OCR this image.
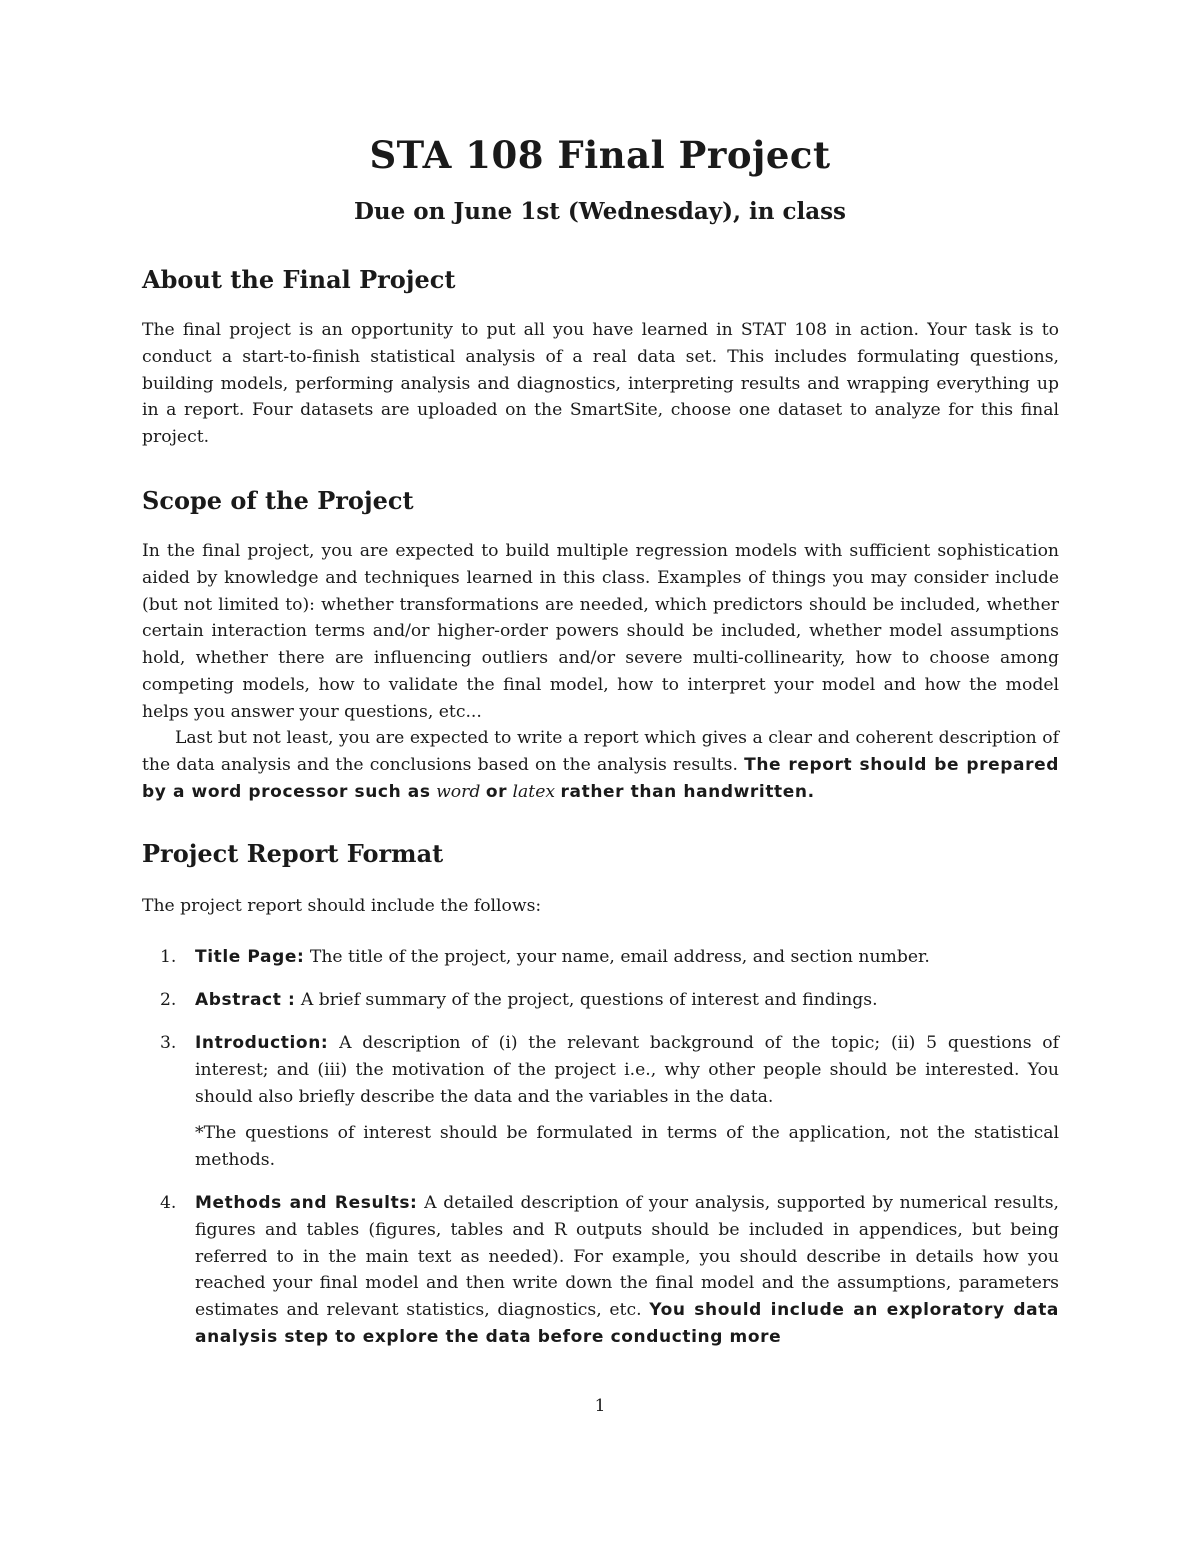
STA 108 Final Project
Due on June 1st (Wednesday), in class
About the Final Project

The final project is an opportunity to put all you have learned in STAT 108 in action. Your task is to conduct a start-to-finish statistical analysis of a real data set. This includes formulating questions, building models, performing analysis and diagnostics, interpreting results and wrapping everything up in a report. Four datasets are uploaded on the SmartSite, choose one dataset to analyze for this final project.

Scope of the Project

In the final project, you are expected to build multiple regression models with sufficient sophistication aided by knowledge and techniques learned in this class. Examples of things you may consider include (but not limited to): whether transformations are needed, which predictors should be included, whether certain interaction terms and/or higher-order powers should be included, whether model assumptions hold, whether there are influencing outliers and/or severe multi-collinearity, how to choose among competing models, how to validate the final model, how to interpret your model and how the model helps you answer your questions, etc...

Last but not least, you are expected to write a report which gives a clear and coherent description of the data analysis and the conclusions based on the analysis results. The report should be prepared by a word processor such as word or latex rather than handwritten.

Project Report Format

The project report should include the follows:

1.	Title Page: The title of the project, your name, email address, and section number.
2.	Abstract : A brief summary of the project, questions of interest and findings.
3.	Introduction: A description of (i) the relevant background of the topic; (ii) 5 questions of interest; and (iii) the motivation of the project i.e., why other people should be interested. You should also briefly describe the data and the variables in the data.
*The questions of interest should be formulated in terms of the application, not the statistical methods.
4.	Methods and Results: A detailed description of your analysis, supported by numerical results, figures and tables (figures, tables and R outputs should be included in appendices, but being referred to in the main text as needed). For example, you should describe in details how you reached your final model and then write down the final model and the assumptions, parameters estimates and relevant statistics, diagnostics, etc. You should include an exploratory data analysis step to explore the data before conducting more
1
